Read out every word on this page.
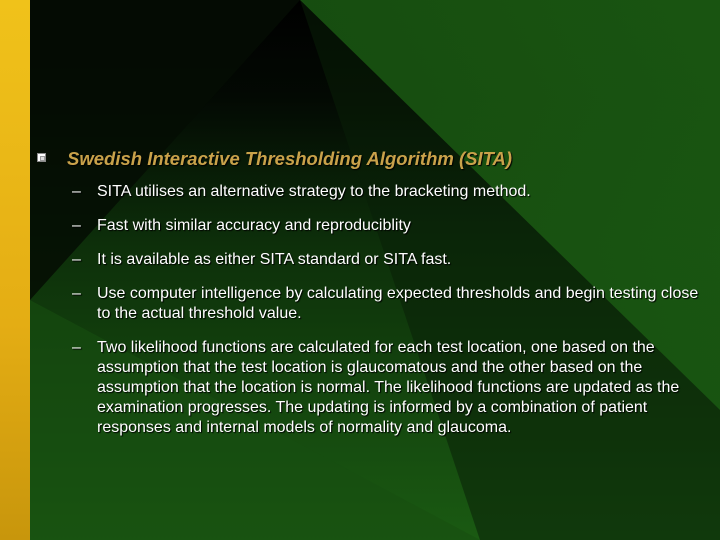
Swedish Interactive Thresholding Algorithm (SITA)
– SITA utilises an alternative strategy to the bracketing method.
– Fast with similar accuracy and reproduciblity
– It is available as either SITA standard or SITA fast.
– Use computer intelligence by calculating expected thresholds and begin testing close to the actual threshold value.
– Two likelihood functions are calculated for each test location, one based on the assumption that the test location is glaucomatous and the other based on the assumption that the location is normal. The likelihood functions are updated as the examination progresses. The updating is informed by a combination of patient responses and internal models of normality and glaucoma.
